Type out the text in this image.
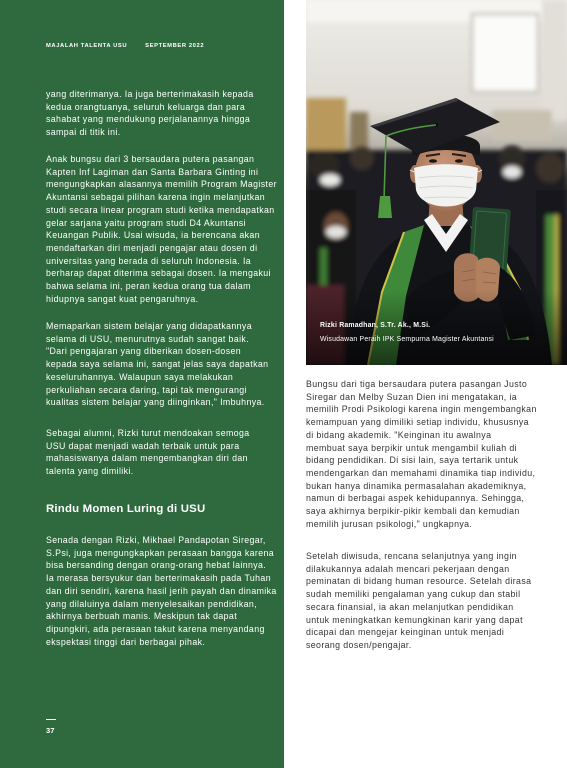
MAJALAH TALENTA USU	SEPTEMBER 2022

yang diterimanya. Ia juga berterimakasih kepada
kedua orangtuanya, seluruh keluarga dan para
sahabat yang mendukung perjalanannya hingga
sampai di titik ini.

Anak bungsu dari 3 bersaudara putera pasangan
Kapten Inf Lagiman dan Santa Barbara Ginting ini
mengungkapkan alasannya memilih Program Magister
Akuntansi sebagai pilihan karena ingin melanjutkan
studi secara linear program studi ketika mendapatkan
gelar sarjana yaitu program studi D4 Akuntansi
Keuangan Publik. Usai wisuda, ia berencana akan
mendaftarkan diri menjadi pengajar atau dosen di
universitas yang berada di seluruh Indonesia. Ia
berharap dapat diterima sebagai dosen. Ia mengakui
bahwa selama ini, peran kedua orang tua dalam
hidupnya sangat kuat pengaruhnya.

Memaparkan sistem belajar yang didapatkannya
selama di USU, menurutnya sudah sangat baik.
"Dari pengajaran yang diberikan dosen-dosen
kepada saya selama ini, sangat jelas saya dapatkan
keseluruhannya. Walaupun saya melakukan
perkuliahan secara daring, tapi tak mengurangi
kualitas sistem belajar yang diinginkan," Imbuhnya.

Sebagai alumni, Rizki turut mendoakan semoga
USU dapat menjadi wadah terbaik untuk para
mahasiswanya dalam mengembangkan diri dan
talenta yang dimiliki.

Rindu Momen Luring di USU

Senada dengan Rizki, Mikhael Pandapotan Siregar,
S.Psi, juga mengungkapkan perasaan bangga karena
bisa bersanding dengan orang-orang hebat lainnya.
Ia merasa bersyukur dan berterimakasih pada Tuhan
dan diri sendiri, karena hasil jerih payah dan dinamika
yang dilaluinya dalam menyelesaikan pendidikan,
akhirnya berbuah manis. Meskipun tak dapat
dipungkiri, ada perasaan takut karena menyandang
ekspektasi tinggi dari berbagai pihak.

37
Rizki Ramadhan, S.Tr. Ak., M.Si.
Wisudawan Peraih IPK Sempurna Magister Akuntansi

Bungsu dari tiga bersaudara putera pasangan Justo
Siregar dan Melby Suzan Dien ini mengatakan, ia
memilih Prodi Psikologi karena ingin mengembangkan
kemampuan yang dimiliki setiap individu, khususnya
di bidang akademik. "Keinginan itu awalnya
membuat saya berpikir untuk mengambil kuliah di
bidang pendidikan. Di sisi lain, saya tertarik untuk
mendengarkan dan memahami dinamika tiap individu,
bukan hanya dinamika permasalahan akademiknya,
namun di berbagai aspek kehidupannya. Sehingga,
saya akhirnya berpikir-pikir kembali dan kemudian
memilih jurusan psikologi," ungkapnya.

Setelah diwisuda, rencana selanjutnya yang ingin
dilakukannya adalah mencari pekerjaan dengan
peminatan di bidang human resource. Setelah dirasa
sudah memiliki pengalaman yang cukup dan stabil
secara finansial, ia akan melanjutkan pendidikan
untuk meningkatkan kemungkinan karir yang dapat
dicapai dan mengejar keinginan untuk menjadi
seorang dosen/pengajar.
